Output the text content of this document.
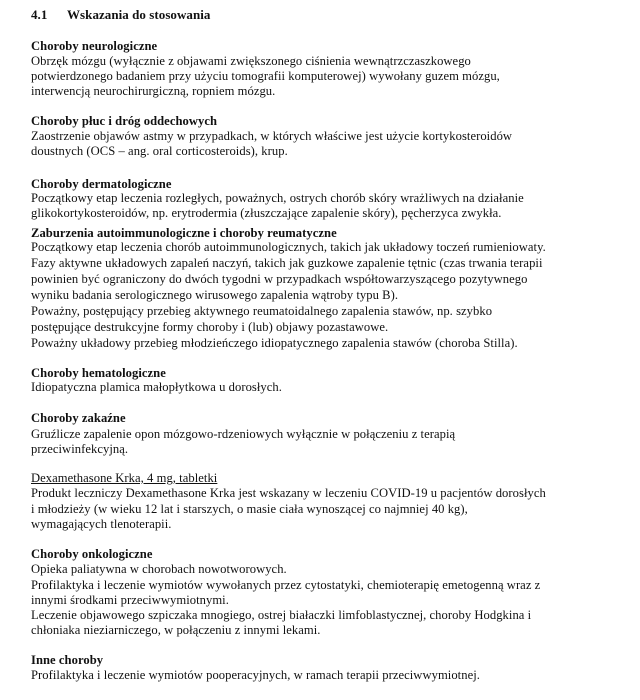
4.1 Wskazania do stosowania
Choroby neurologiczne
Obrzęk mózgu (wyłącznie z objawami zwiększonego ciśnienia wewnątrzczaszkowego
potwierdzonego badaniem przy użyciu tomografii komputerowej) wywołany guzem mózgu,
interwencją neurochirurgiczną, ropniem mózgu.
Choroby płuc i dróg oddechowych
Zaostrzenie objawów astmy w przypadkach, w których właściwe jest użycie kortykosteroidów
doustnych (OCS – ang. oral corticosteroids), krup.
Choroby dermatologiczne
Początkowy etap leczenia rozległych, poważnych, ostrych chorób skóry wrażliwych na działanie
glikokortykosteroidów, np. erytrodermia (złuszczające zapalenie skóry), pęcherzyca zwykła.
Zaburzenia autoimmunologiczne i choroby reumatyczne
Początkowy etap leczenia chorób autoimmunologicznych, takich jak układowy toczeń rumieniowaty.
Fazy aktywne układowych zapaleń naczyń, takich jak guzkowe zapalenie tętnic (czas trwania terapii
powinien być ograniczony do dwóch tygodni w przypadkach współtowarzyszącego pozytywnego
wyniku badania serologicznego wirusowego zapalenia wątroby typu B).
Poważny, postępujący przebieg aktywnego reumatoidalnego zapalenia stawów, np. szybko
postępujące destrukcyjne formy choroby i (lub) objawy pozastawowe.
Poważny układowy przebieg młodzieńczego idiopatycznego zapalenia stawów (choroba Stilla).
Choroby hematologiczne
Idiopatyczna plamica małopłytkowa u dorosłych.
Choroby zakaźne
Gruźlicze zapalenie opon mózgowo-rdzeniowych wyłącznie w połączeniu z terapią
przeciwinfekcyjną.
Dexamethasone Krka, 4 mg, tabletki
Produkt leczniczy Dexamethasone Krka jest wskazany w leczeniu COVID-19 u pacjentów dorosłych
i młodzieży (w wieku 12 lat i starszych, o masie ciała wynoszącej co najmniej 40 kg),
wymagających tlenoterapii.
Choroby onkologiczne
Opieka paliatywna w chorobach nowotworowych.
Profilaktyka i leczenie wymiotów wywołanych przez cytostatyki, chemioterapię emetogenną wraz z
innymi środkami przeciwwymiotnymi.
Leczenie objawowego szpiczaka mnogiego, ostrej białaczki limfoblastycznej, choroby Hodgkina i
chłoniaka nieziarniczego, w połączeniu z innymi lekami.
Inne choroby
Profilaktyka i leczenie wymiotów pooperacyjnych, w ramach terapii przeciwwymiotnej.
